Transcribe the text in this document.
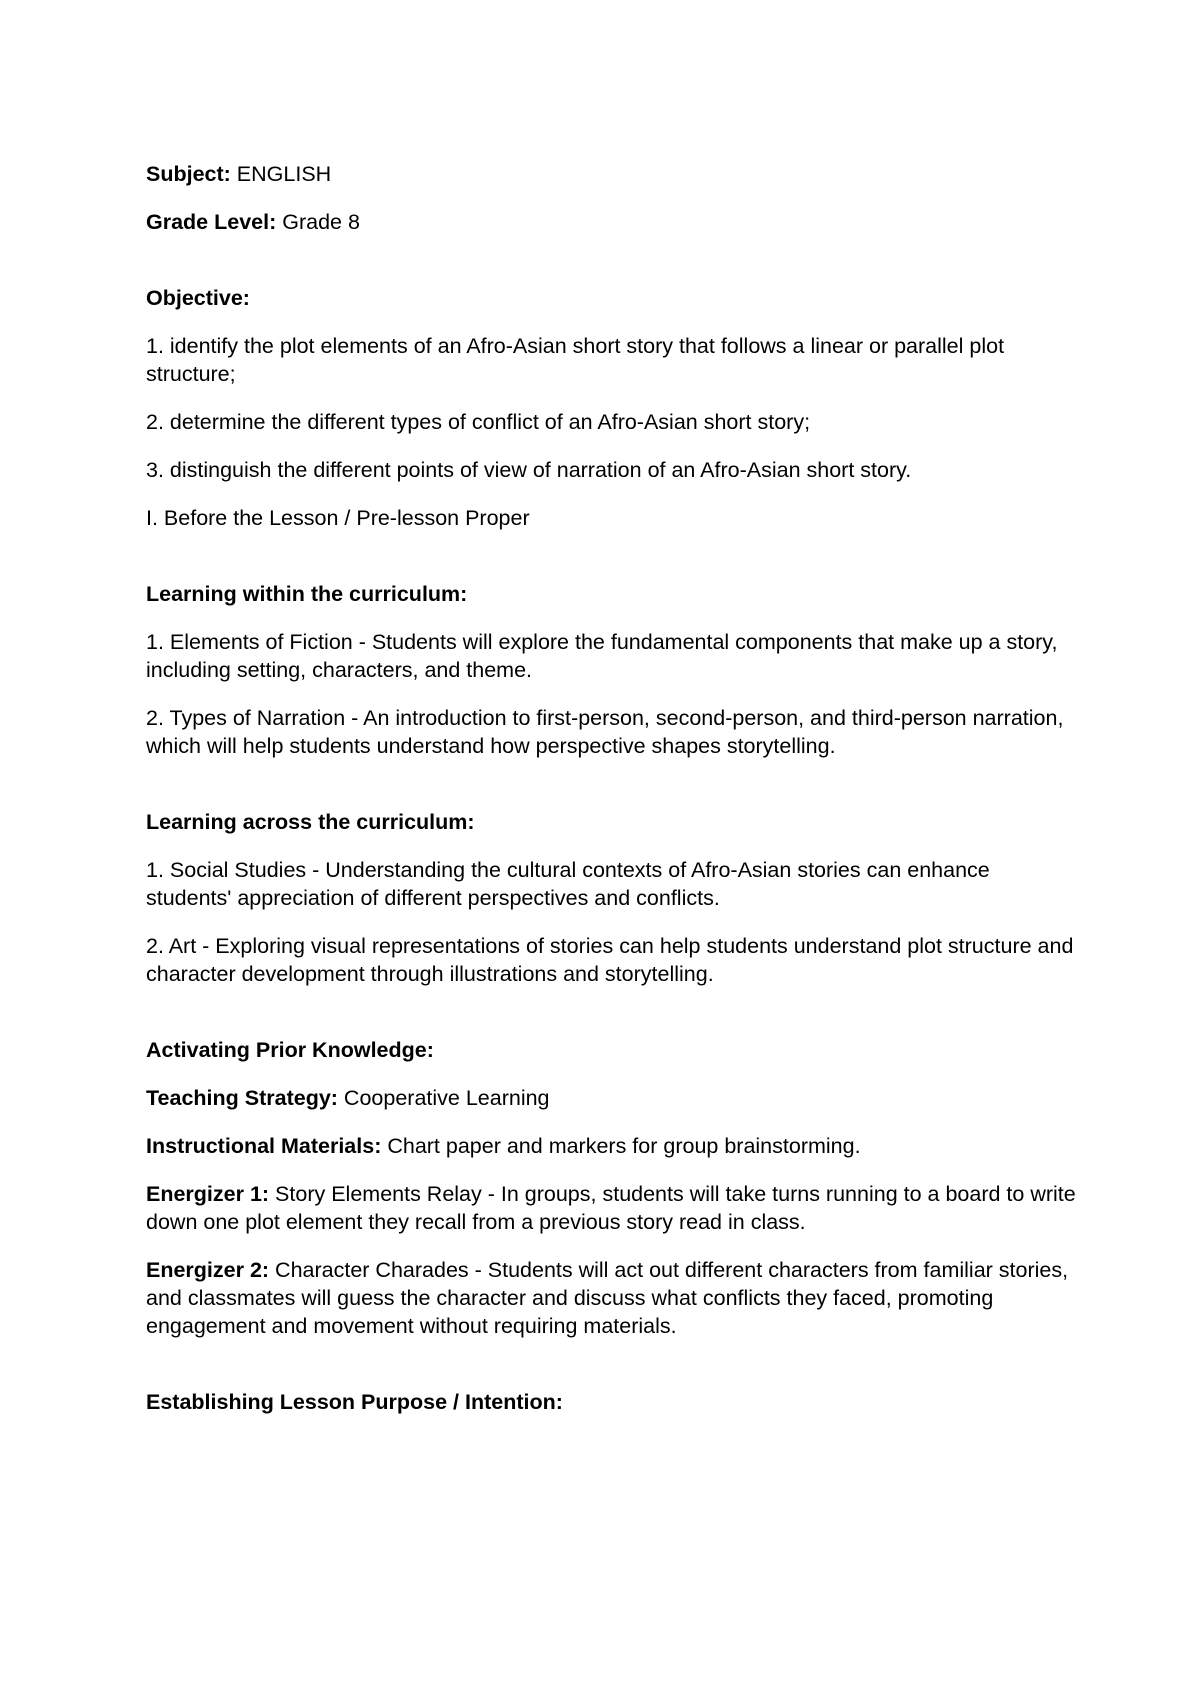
Subject: ENGLISH

Grade Level: Grade 8

Objective:

1. identify the plot elements of an Afro-Asian short story that follows a linear or parallel plot structure;

2. determine the different types of conflict of an Afro-Asian short story;

3. distinguish the different points of view of narration of an Afro-Asian short story.

I. Before the Lesson / Pre-lesson Proper

Learning within the curriculum:

1. Elements of Fiction - Students will explore the fundamental components that make up a story, including setting, characters, and theme.

2. Types of Narration - An introduction to first-person, second-person, and third-person narration, which will help students understand how perspective shapes storytelling.

Learning across the curriculum:

1. Social Studies - Understanding the cultural contexts of Afro-Asian stories can enhance students' appreciation of different perspectives and conflicts.

2. Art - Exploring visual representations of stories can help students understand plot structure and character development through illustrations and storytelling.

Activating Prior Knowledge:

Teaching Strategy: Cooperative Learning

Instructional Materials: Chart paper and markers for group brainstorming.

Energizer 1: Story Elements Relay - In groups, students will take turns running to a board to write down one plot element they recall from a previous story read in class.

Energizer 2: Character Charades - Students will act out different characters from familiar stories, and classmates will guess the character and discuss what conflicts they faced, promoting engagement and movement without requiring materials.

Establishing Lesson Purpose / Intention:
